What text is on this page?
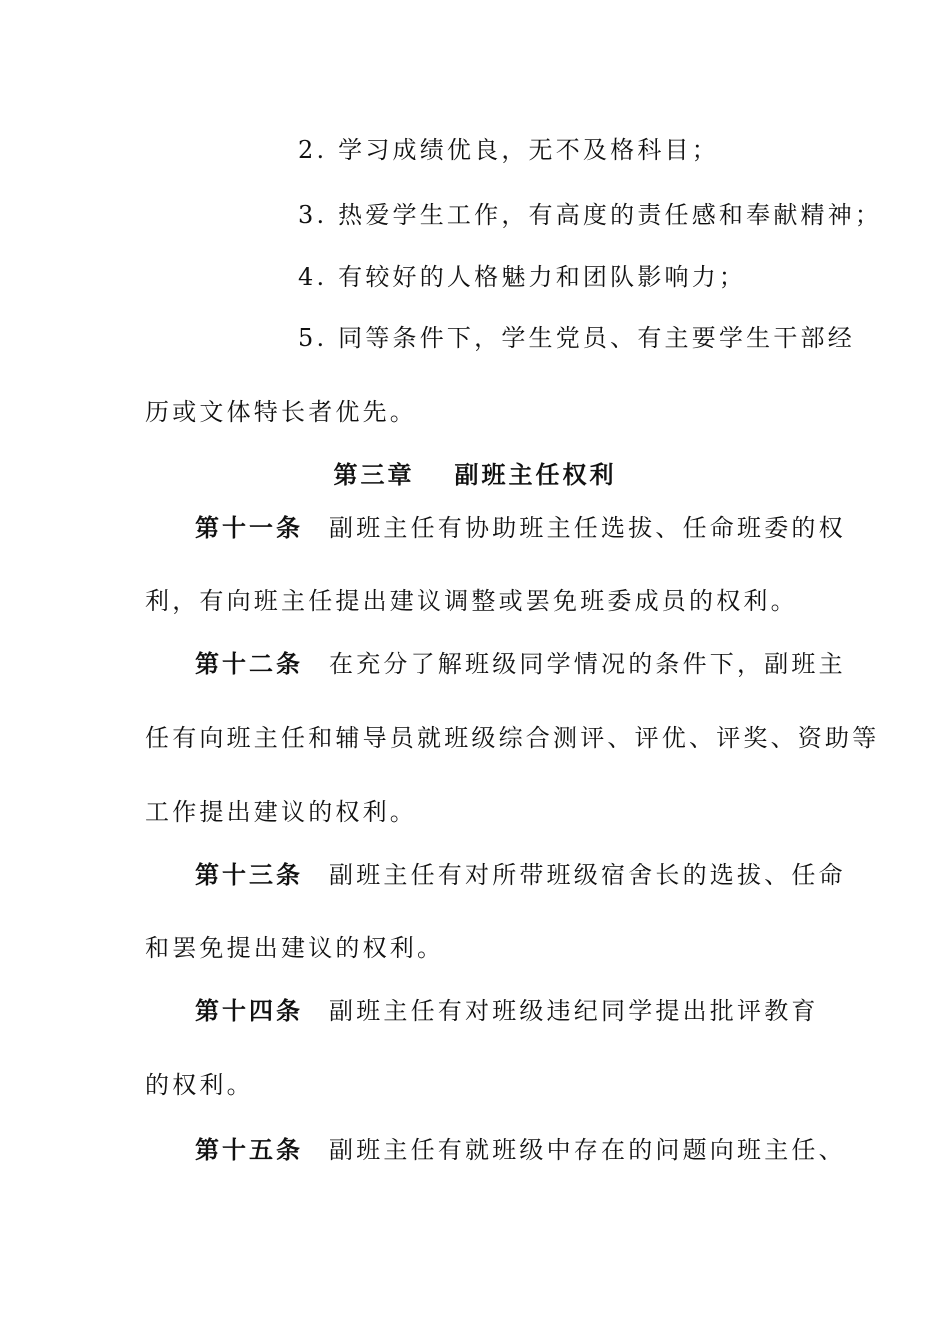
2. 学习成绩优良，无不及格科目；
3. 热爱学生工作，有高度的责任感和奉献精神；
4. 有较好的人格魅力和团队影响力；
5. 同等条件下，学生党员、有主要学生干部经
历或文体特长者优先。
第三章 副班主任权利
第十一条 副班主任有协助班主任选拔、任命班委的权
利，有向班主任提出建议调整或罢免班委成员的权利。
第十二条 在充分了解班级同学情况的条件下，副班主
任有向班主任和辅导员就班级综合测评、评优、评奖、资助等
工作提出建议的权利。
第十三条 副班主任有对所带班级宿舍长的选拔、任命
和罢免提出建议的权利。
第十四条 副班主任有对班级违纪同学提出批评教育
的权利。
第十五条 副班主任有就班级中存在的问题向班主任、
